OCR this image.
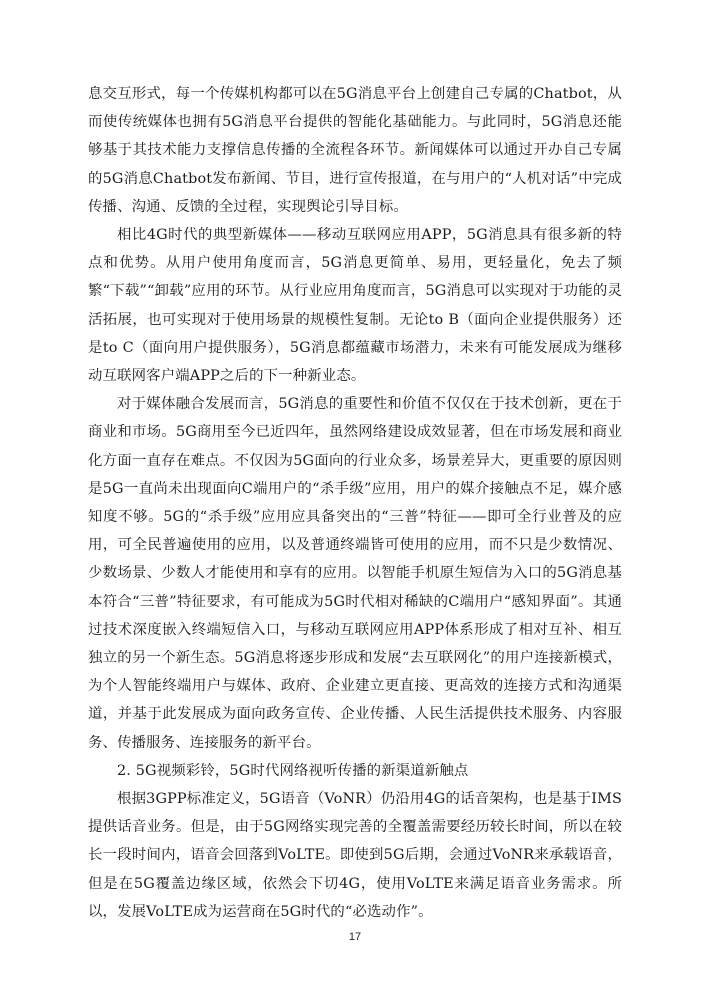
息交互形式，每一个传媒机构都可以在5G消息平台上创建自己专属的Chatbot，从而使传统媒体也拥有5G消息平台提供的智能化基础能力。与此同时，5G消息还能够基于其技术能力支撑信息传播的全流程各环节。新闻媒体可以通过开办自己专属的5G消息Chatbot发布新闻、节目，进行宣传报道，在与用户的“人机对话”中完成传播、沟通、反馈的全过程，实现舆论引导目标。

相比4G时代的典型新媒体——移动互联网应用APP，5G消息具有很多新的特点和优势。从用户使用角度而言，5G消息更简单、易用，更轻量化，免去了频繁“下载”“卸载”应用的环节。从行业应用角度而言，5G消息可以实现对于功能的灵活拓展，也可实现对于使用场景的规模性复制。无论to B（面向企业提供服务）还是to C（面向用户提供服务），5G消息都蕴藏市场潜力，未来有可能发展成为继移动互联网客户端APP之后的下一种新业态。

对于媒体融合发展而言，5G消息的重要性和价值不仅仅在于技术创新，更在于商业和市场。5G商用至今已近四年，虽然网络建设成效显著，但在市场发展和商业化方面一直存在难点。不仅因为5G面向的行业众多，场景差异大，更重要的原因则是5G一直尚未出现面向C端用户的“杀手级”应用，用户的媒介接触点不足，媒介感知度不够。5G的“杀手级”应用应具备突出的“三普”特征——即可全行业普及的应用，可全民普遍使用的应用，以及普通终端皆可使用的应用，而不只是少数情况、少数场景、少数人才能使用和享有的应用。以智能手机原生短信为入口的5G消息基本符合“三普”特征要求，有可能成为5G时代相对稀缺的C端用户“感知界面”。其通过技术深度嵌入终端短信入口，与移动互联网应用APP体系形成了相对互补、相互独立的另一个新生态。5G消息将逐步形成和发展“去互联网化”的用户连接新模式，为个人智能终端用户与媒体、政府、企业建立更直接、更高效的连接方式和沟通渠道，并基于此发展成为面向政务宣传、企业传播、人民生活提供技术服务、内容服务、传播服务、连接服务的新平台。

2. 5G视频彩铃，5G时代网络视听传播的新渠道新触点

根据3GPP标准定义，5G语音（VoNR）仍沿用4G的话音架构，也是基于IMS提供话音业务。但是，由于5G网络实现完善的全覆盖需要经历较长时间，所以在较长一段时间内，语音会回落到VoLTE。即使到5G后期，会通过VoNR来承载语音，但是在5G覆盖边缘区域，依然会下切4G，使用VoLTE来满足语音业务需求。所以，发展VoLTE成为运营商在5G时代的“必选动作”。

17
